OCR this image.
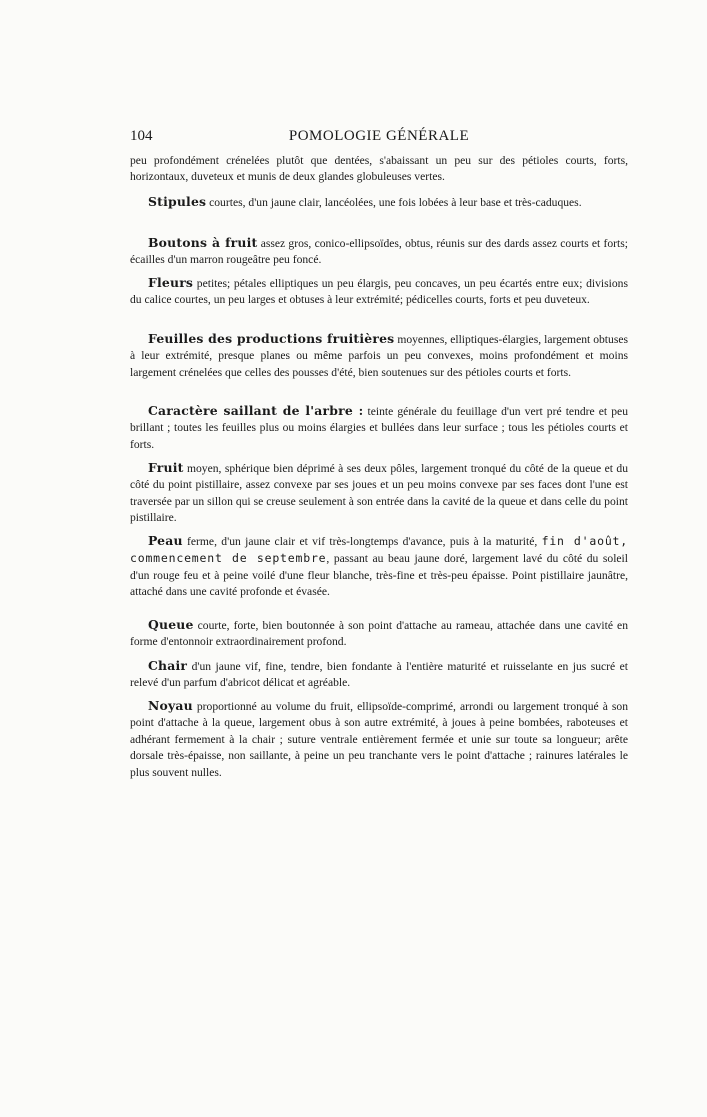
104	POMOLOGIE GÉNÉRALE

peu profondément crénelées plutôt que dentées, s'abaissant un peu sur des pétioles courts, forts, horizontaux, duveteux et munis de deux glandes globuleuses vertes.

Stipules courtes, d'un jaune clair, lancéolées, une fois lobées à leur base et très-caduques.

Boutons à fruit assez gros, conico-ellipsoïdes, obtus, réunis sur des dards assez courts et forts; écailles d'un marron rougeâtre peu foncé.

Fleurs petites; pétales elliptiques un peu élargis, peu concaves, un peu écartés entre eux; divisions du calice courtes, un peu larges et obtuses à leur extrémité; pédicelles courts, forts et peu duveteux.

Feuilles des productions fruitières moyennes, elliptiques-élargies, largement obtuses à leur extrémité, presque planes ou même parfois un peu convexes, moins profondément et moins largement crénelées que celles des pousses d'été, bien soutenues sur des pétioles courts et forts.

Caractère saillant de l'arbre : teinte générale du feuillage d'un vert pré tendre et peu brillant ; toutes les feuilles plus ou moins élargies et bullées dans leur surface ; tous les pétioles courts et forts.

Fruit moyen, sphérique bien déprimé à ses deux pôles, largement tronqué du côté de la queue et du côté du point pistillaire, assez convexe par ses joues et un peu moins convexe par ses faces dont l'une est traversée par un sillon qui se creuse seulement à son entrée dans la cavité de la queue et dans celle du point pistillaire.

Peau ferme, d'un jaune clair et vif très-longtemps d'avance, puis à la maturité, fin d'août, commencement de septembre, passant au beau jaune doré, largement lavé du côté du soleil d'un rouge feu et à peine voilé d'une fleur blanche, très-fine et très-peu épaisse. Point pistillaire jaunâtre, attaché dans une cavité profonde et évasée.

Queue courte, forte, bien boutonnée à son point d'attache au rameau, attachée dans une cavité en forme d'entonnoir extraordinairement profond.

Chair d'un jaune vif, fine, tendre, bien fondante à l'entière maturité et ruisselante en jus sucré et relevé d'un parfum d'abricot délicat et agréable.

Noyau proportionné au volume du fruit, ellipsoïde-comprimé, arrondi ou largement tronqué à son point d'attache à la queue, largement obus à son autre extrémité, à joues à peine bombées, raboteuses et adhérant fermement à la chair ; suture ventrale entièrement fermée et unie sur toute sa longueur; arête dorsale très-épaisse, non saillante, à peine un peu tranchante vers le point d'attache ; rainures latérales le plus souvent nulles.
